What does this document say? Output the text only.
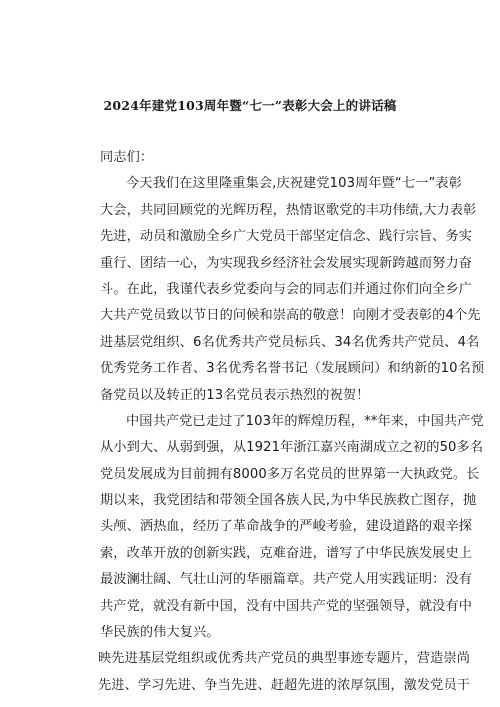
2024年建党103周年暨“七一”表彰大会上的讲话稿
同志们：
今天我们在这里隆重集会,庆祝建党103周年暨“七一”表彰
大会，共同回顾党的光辉历程，热情讴歌党的丰功伟绩,大力表彰
先进，动员和激励全乡广大党员干部坚定信念、践行宗旨、务实
重行、团结一心，为实现我乡经济社会发展实现新跨越而努力奋
斗。在此，我谨代表乡党委向与会的同志们并通过你们向全乡广
大共产党员致以节日的问候和崇高的敬意！向刚才受表彰的4个先
进基层党组织、6名优秀共产党员标兵、34名优秀共产党员、4名
优秀党务工作者、3名优秀名誉书记（发展顾问）和纳新的10名预
备党员以及转正的13名党员表示热烈的祝贺！
中国共产党已走过了103年的辉煌历程，**年来，中国共产党
从小到大、从弱到强，从1921年浙江嘉兴南湖成立之初的50多名
党员发展成为目前拥有8000多万名党员的世界第一大执政党。长
期以来，我党团结和带领全国各族人民,为中华民族救亡图存，抛
头颅、洒热血，经历了革命战争的严峻考验，建设道路的艰辛探
索，改革开放的创新实践，克难奋进，谱写了中华民族发展史上
最波澜壮阔、气壮山河的华丽篇章。共产党人用实践证明：没有
共产党，就没有新中国，没有中国共产党的坚强领导，就没有中
华民族的伟大复兴。
映先进基层党组织或优秀共产党员的典型事迹专题片，营造崇尚
先进、学习先进、争当先进、赶超先进的浓厚氛围，激发党员干
